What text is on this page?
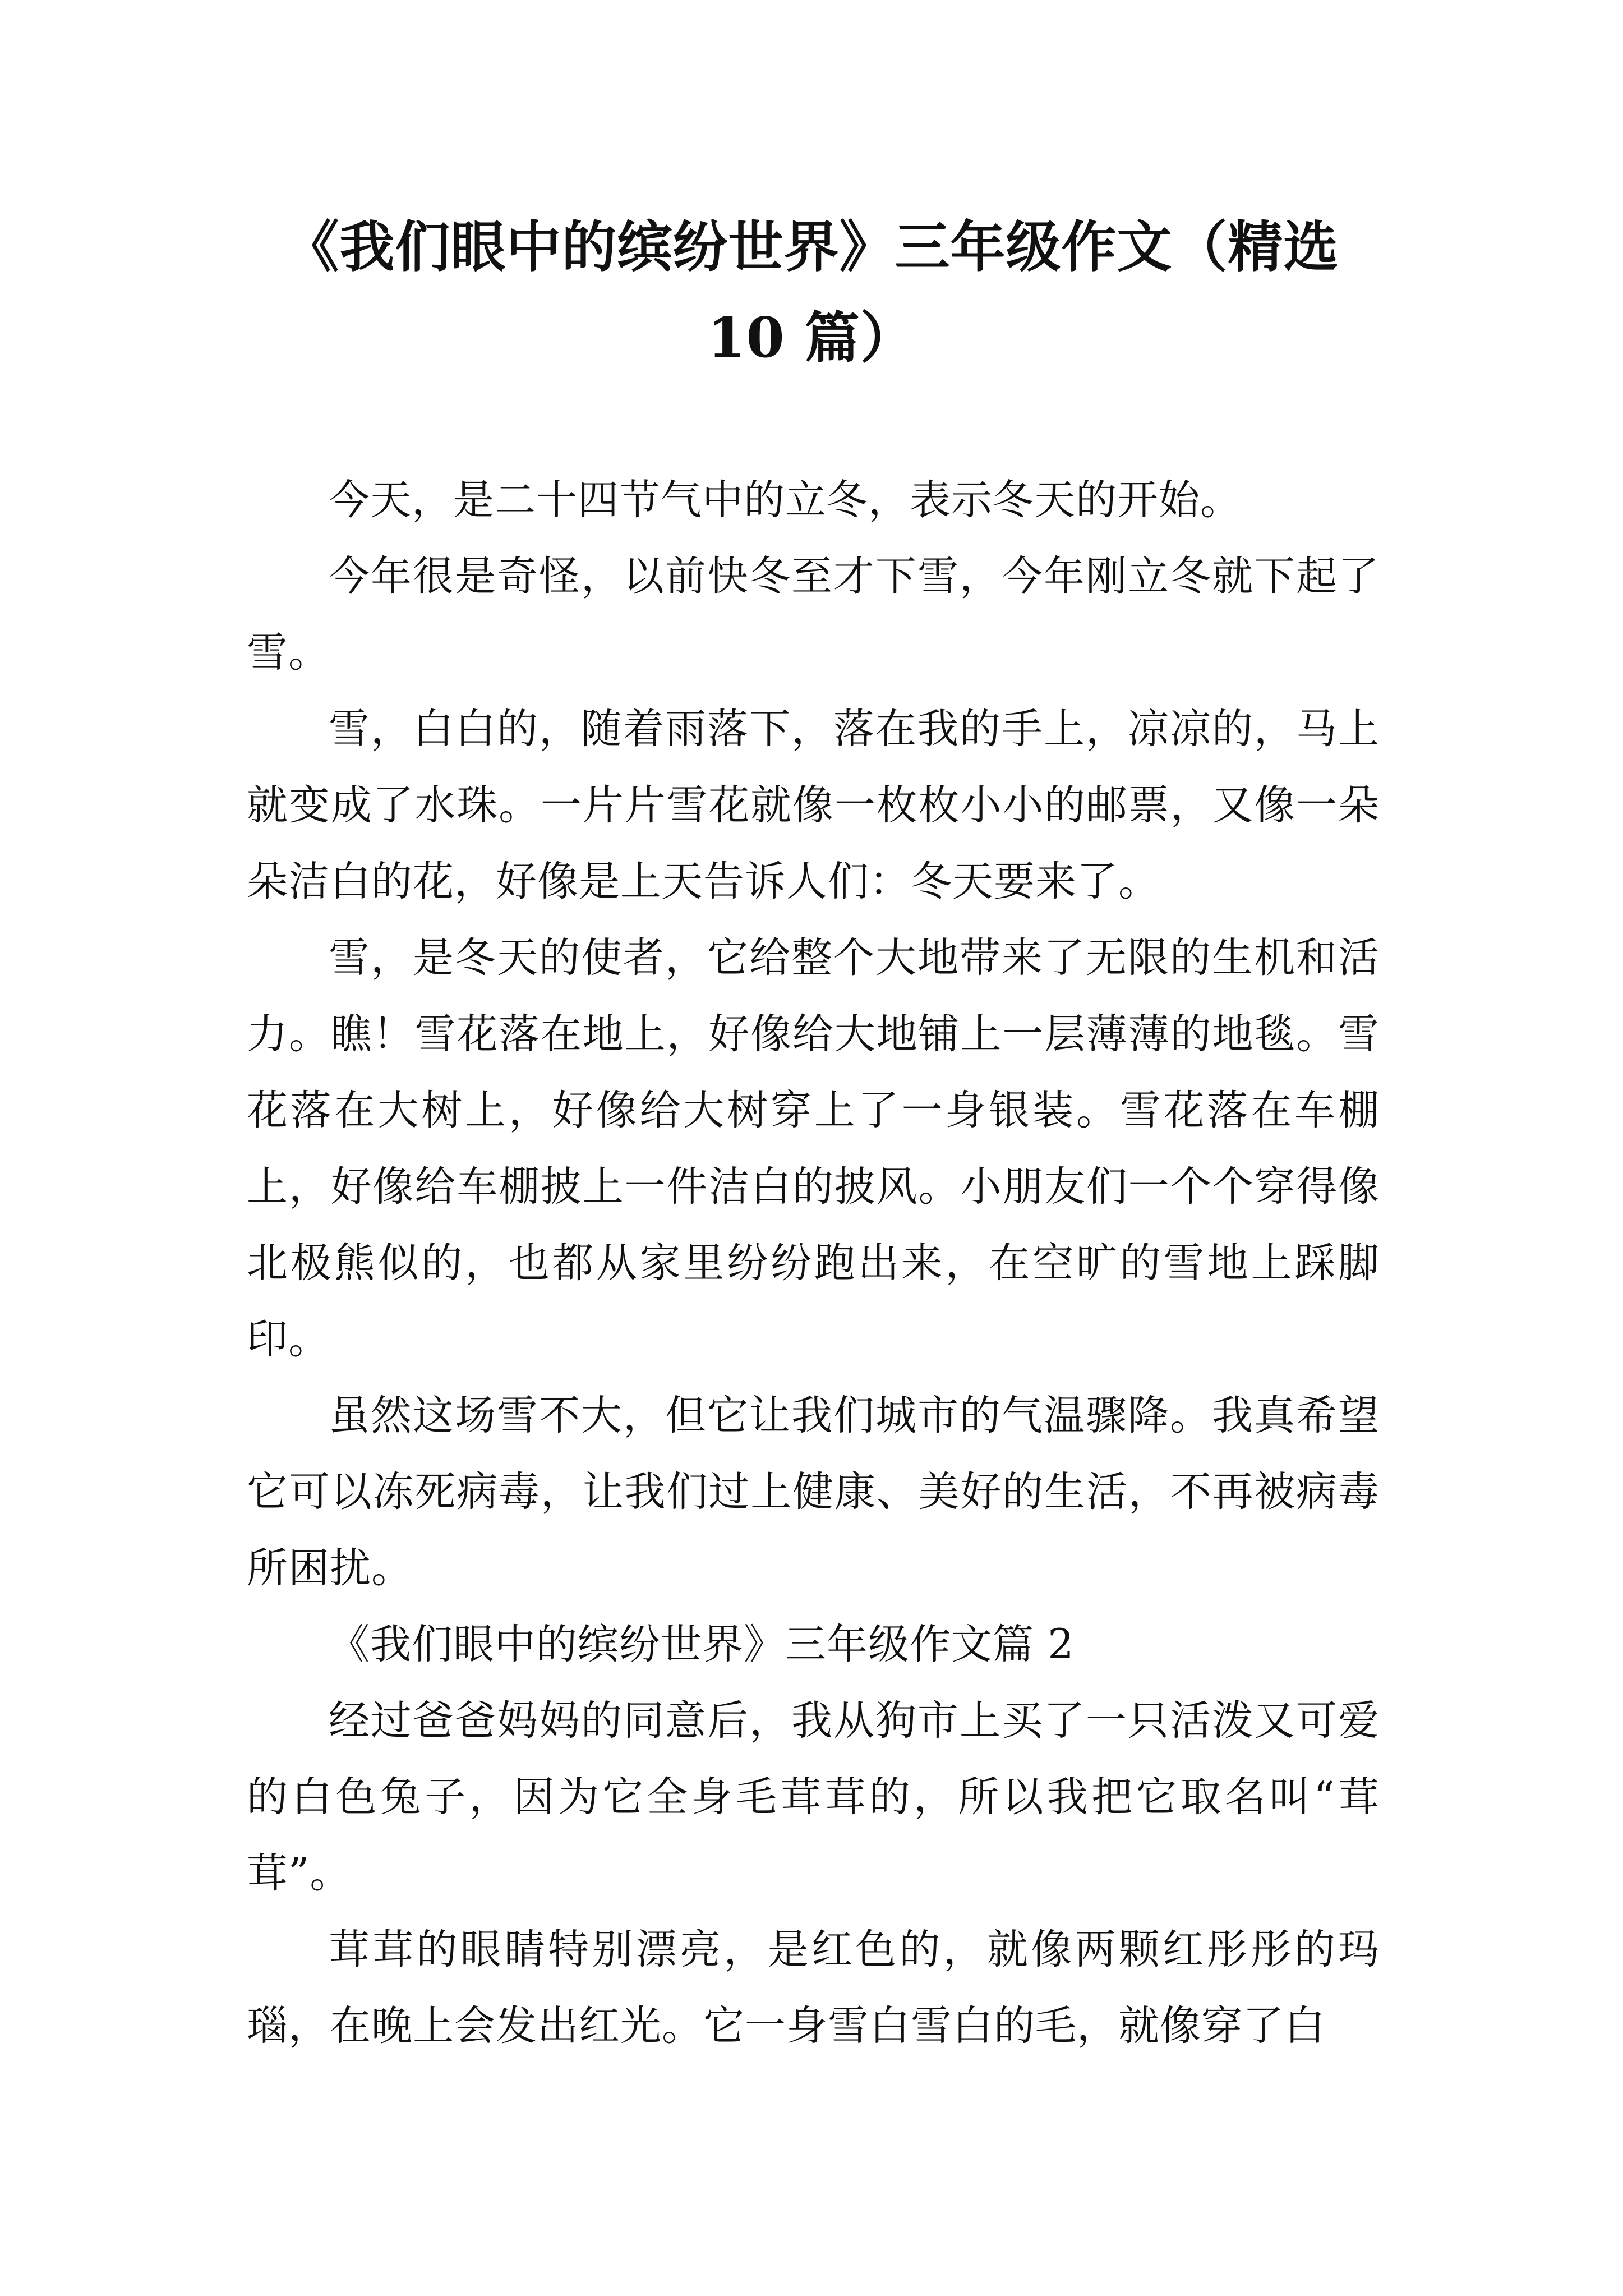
《我们眼中的缤纷世界》三年级作文（精选
10 篇）

今天，是二十四节气中的立冬，表示冬天的开始。

今年很是奇怪，以前快冬至才下雪，今年刚立冬就下起了雪。

雪，白白的，随着雨落下，落在我的手上，凉凉的，马上就变成了水珠。一片片雪花就像一枚枚小小的邮票，又像一朵朵洁白的花，好像是上天告诉人们：冬天要来了。

雪，是冬天的使者，它给整个大地带来了无限的生机和活力。瞧！雪花落在地上，好像给大地铺上一层薄薄的地毯。雪花落在大树上，好像给大树穿上了一身银装。雪花落在车棚上，好像给车棚披上一件洁白的披风。小朋友们一个个穿得像北极熊似的，也都从家里纷纷跑出来，在空旷的雪地上踩脚印。

虽然这场雪不大，但它让我们城市的气温骤降。我真希望它可以冻死病毒，让我们过上健康、美好的生活，不再被病毒所困扰。

《我们眼中的缤纷世界》三年级作文篇 2

经过爸爸妈妈的同意后，我从狗市上买了一只活泼又可爱的白色兔子，因为它全身毛茸茸的，所以我把它取名叫“茸茸”。

茸茸的眼睛特别漂亮，是红色的，就像两颗红彤彤的玛瑙，在晚上会发出红光。它一身雪白雪白的毛，就像穿了白
